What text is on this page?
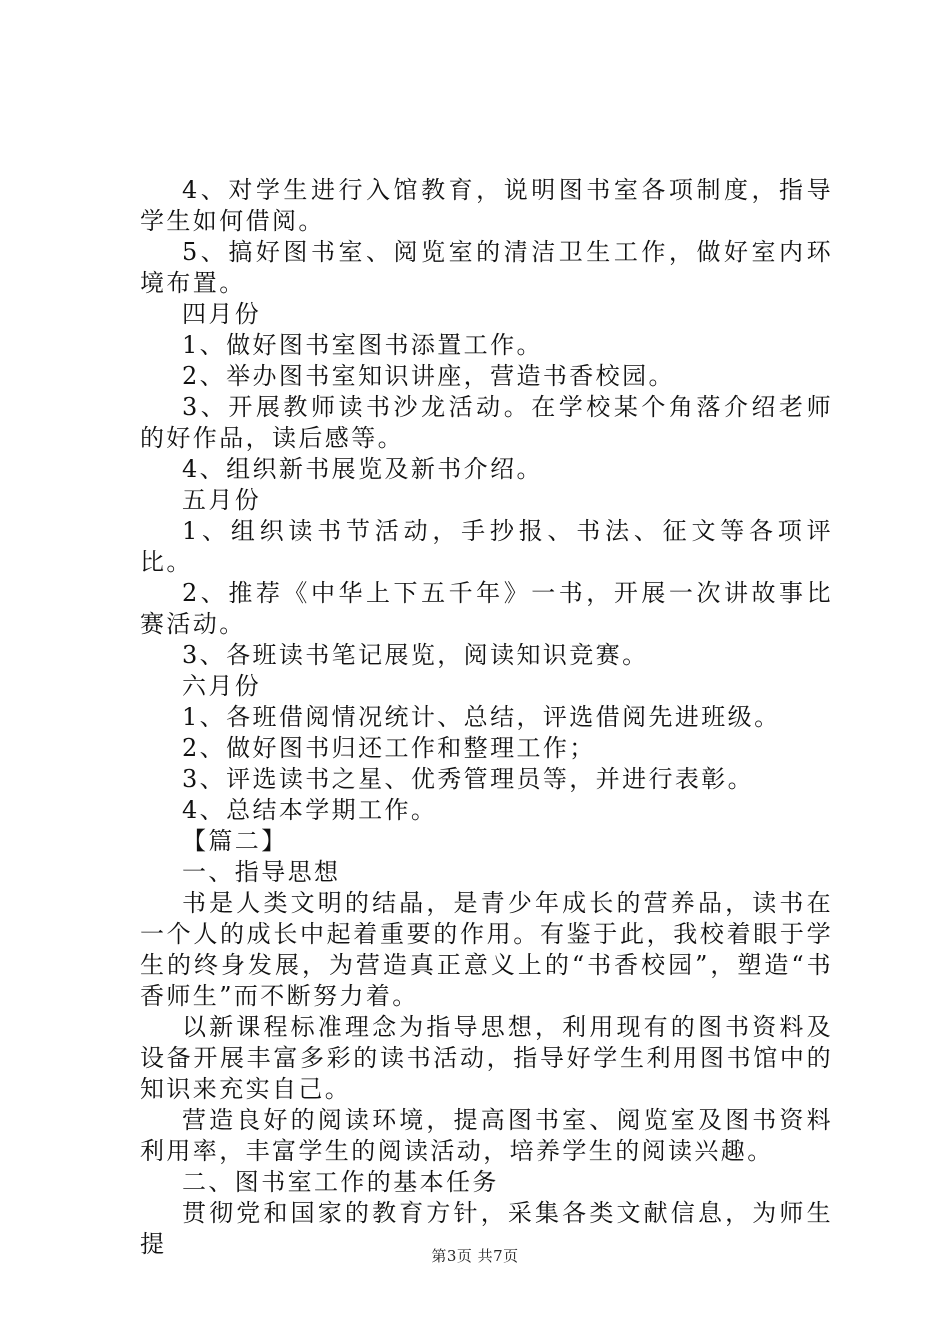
4、对学生进行入馆教育，说明图书室各项制度，指导学生如何借阅。

5、搞好图书室、阅览室的清洁卫生工作，做好室内环境布置。

四月份

1、做好图书室图书添置工作。

2、举办图书室知识讲座，营造书香校园。

3、开展教师读书沙龙活动。在学校某个角落介绍老师的好作品，读后感等。

4、组织新书展览及新书介绍。

五月份

1、组织读书节活动，手抄报、书法、征文等各项评比。

2、推荐《中华上下五千年》一书，开展一次讲故事比赛活动。

3、各班读书笔记展览，阅读知识竞赛。

六月份

1、各班借阅情况统计、总结，评选借阅先进班级。

2、做好图书归还工作和整理工作；

3、评选读书之星、优秀管理员等，并进行表彰。

4、总结本学期工作。

【篇二】

一、指导思想

书是人类文明的结晶，是青少年成长的营养品，读书在一个人的成长中起着重要的作用。有鉴于此，我校着眼于学生的终身发展，为营造真正意义上的“书香校园”，塑造“书香师生”而不断努力着。

以新课程标准理念为指导思想，利用现有的图书资料及设备开展丰富多彩的读书活动，指导好学生利用图书馆中的知识来充实自己。

营造良好的阅读环境，提高图书室、阅览室及图书资料利用率，丰富学生的阅读活动，培养学生的阅读兴趣。

二、图书室工作的基本任务

贯彻党和国家的教育方针，采集各类文献信息，为师生提	第3页 共7页
